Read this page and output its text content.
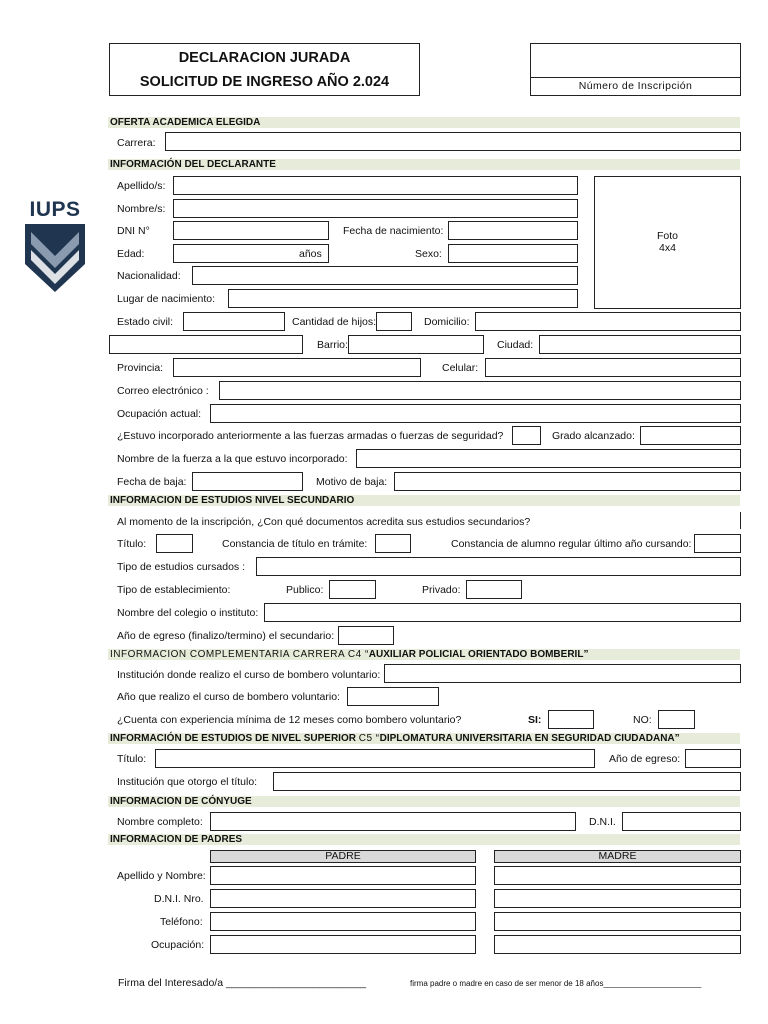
DECLARACION JURADA
SOLICITUD DE INGRESO AÑO 2.024	Número de Inscripción
IUPS
OFERTA ACADEMICA ELEGIDA
Carrera:
INFORMACIÓN DEL DECLARANTE
Apellido/s:
Nombre/s:
DNI N°	Fecha de nacimiento:
Edad:	años	Sexo:
Nacionalidad:
Lugar de nacimiento:
Foto
4x4
Estado civil:	Cantidad de hijos:	Domicilio:
Barrio:	Ciudad:
Provincia:	Celular:
Correo electrónico :
Ocupación actual:
¿Estuvo incorporado anteriormente a las fuerzas armadas o fuerzas de seguridad?	Grado alcanzado:
Nombre de la fuerza a la que estuvo incorporado:
Fecha de baja:	Motivo de baja:
INFORMACION DE ESTUDIOS NIVEL SECUNDARIO
Al momento de la inscripción, ¿Con qué documentos acredita sus estudios secundarios?
Título:	Constancia de título en trámite:	Constancia de alumno regular último año cursando:
Tipo de estudios cursados :
Tipo de establecimiento:	Publico:	Privado:
Nombre del colegio o instituto:
Año de egreso (finalizo/termino) el secundario:
INFORMACION COMPLEMENTARIA CARRERA C4 “AUXILIAR POLICIAL ORIENTADO BOMBERIL”
Institución donde realizo el curso de bombero voluntario:
Año que realizo el curso de bombero voluntario:
¿Cuenta con experiencia mínima de 12 meses como bombero voluntario?	SI:	NO:
INFORMACIÓN DE ESTUDIOS DE NIVEL SUPERIOR C5 “DIPLOMATURA UNIVERSITARIA EN SEGURIDAD CIUDADANA”
Título:	Año de egreso:
Institución que otorgo el título:
INFORMACION DE CÓNYUGE
Nombre completo:	D.N.I.
INFORMACION DE PADRES
PADRE	MADRE
Apellido y Nombre:
D.N.I. Nro.
Teléfono:
Ocupación:
Firma del Interesado/a ________________________	firma padre o madre en caso de ser menor de 18 años______________________
